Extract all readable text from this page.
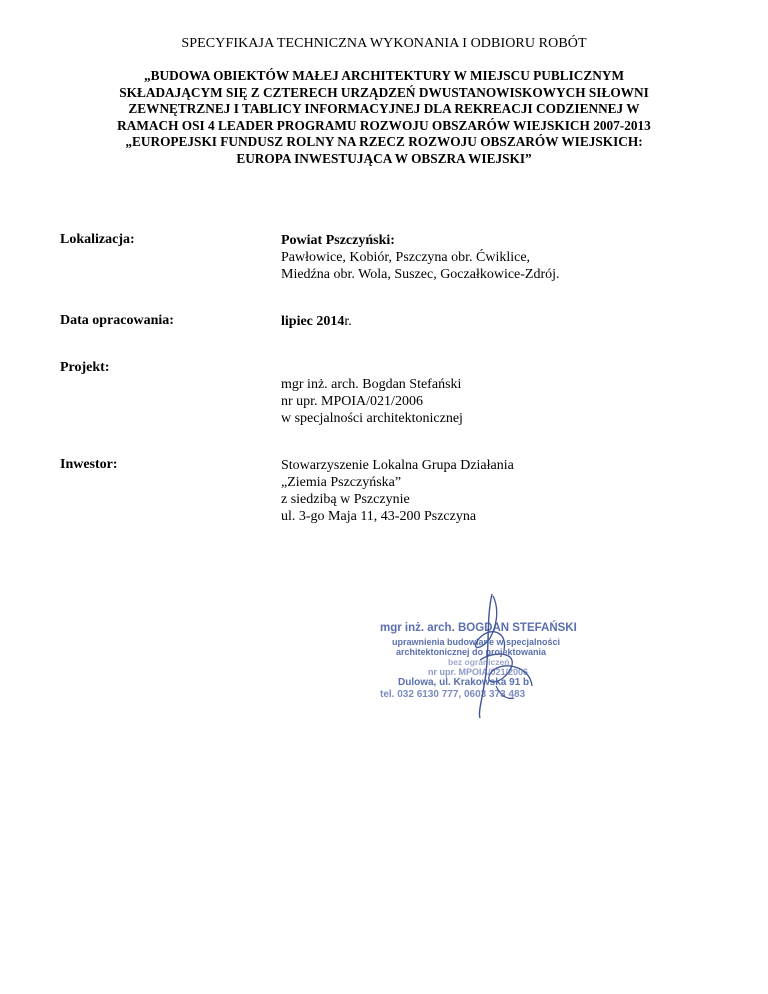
SPECYFIKAJA TECHNICZNA WYKONANIA I ODBIORU ROBÓT
„BUDOWA OBIEKTÓW MAŁEJ ARCHITEKTURY W MIEJSCU PUBLICZNYM
SKŁADAJĄCYM SIĘ Z CZTERECH URZĄDZEŃ DWUSTANOWISKOWYCH SIŁOWNI
ZEWNĘTRZNEJ I TABLICY INFORMACYJNEJ DLA REKREACJI CODZIENNEJ W
RAMACH OSI 4 LEADER PROGRAMU ROZWOJU OBSZARÓW WIEJSKICH 2007-2013
„EUROPEJSKI FUNDUSZ ROLNY NA RZECZ ROZWOJU OBSZARÓW WIEJSKICH:
EUROPA INWESTUJĄCA W OBSZRA WIEJSKI”
Lokalizacja:	Powiat Pszczyński:
Pawłowice, Kobiór, Pszczyna obr. Ćwiklice,
Miedźna obr. Wola, Suszec, Goczałkowice-Zdrój.
Data opracowania:	lipiec 2014r.
Projekt:
mgr inż. arch. Bogdan Stefański
nr upr. MPOIA/021/2006
w specjalności architektonicznej
Inwestor:	Stowarzyszenie Lokalna Grupa Działania
„Ziemia Pszczyńska”
z siedzibą w Pszczynie
ul. 3-go Maja 11, 43-200 Pszczyna
mgr inż. arch. BOGDAN STEFAŃSKI
uprawnienia budowlane w specjalności
architektonicznej do projektowania
bez ograniczeń
nr upr. MPOIA/021/2006
Dulowa, ul. Krakowska 91 b
tel. 032 6130 777, 0603 373 483
